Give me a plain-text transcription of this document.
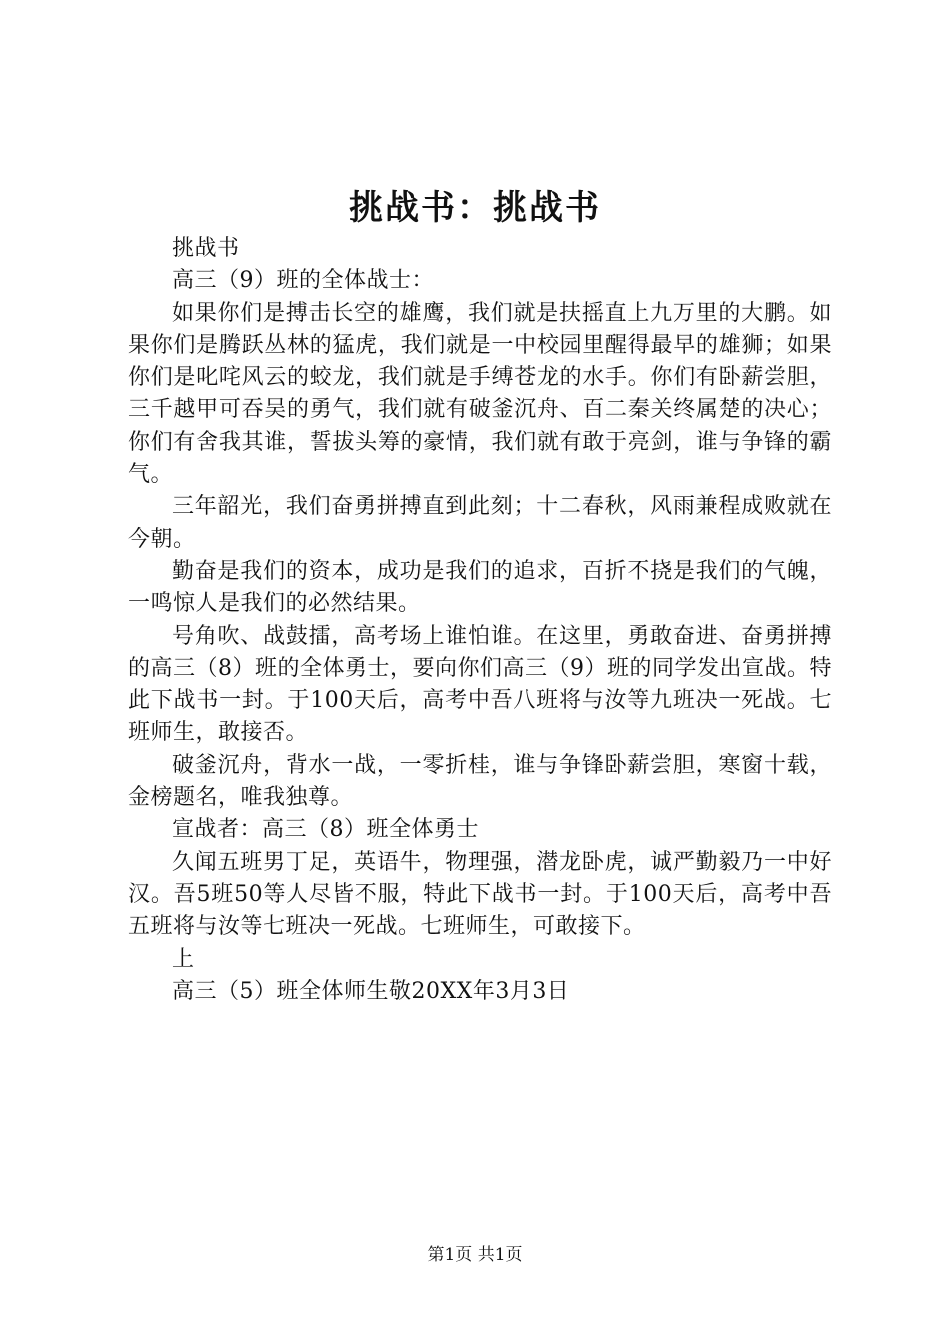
挑战书：挑战书

挑战书

高三（9）班的全体战士：

如果你们是搏击长空的雄鹰，我们就是扶摇直上九万里的大鹏。如果你们是腾跃丛林的猛虎，我们就是一中校园里醒得最早的雄狮；如果你们是叱咤风云的蛟龙，我们就是手缚苍龙的水手。你们有卧薪尝胆，三千越甲可吞吴的勇气，我们就有破釜沉舟、百二秦关终属楚的决心；你们有舍我其谁，誓拔头筹的豪情，我们就有敢于亮剑，谁与争锋的霸气。

三年韶光，我们奋勇拼搏直到此刻；十二春秋，风雨兼程成败就在今朝。

勤奋是我们的资本，成功是我们的追求，百折不挠是我们的气魄，一鸣惊人是我们的必然结果。

号角吹、战鼓擂，高考场上谁怕谁。在这里，勇敢奋进、奋勇拼搏的高三（8）班的全体勇士，要向你们高三（9）班的同学发出宣战。特此下战书一封。于100天后，高考中吾八班将与汝等九班决一死战。七班师生，敢接否。

破釜沉舟，背水一战，一零折桂，谁与争锋卧薪尝胆，寒窗十载，金榜题名，唯我独尊。

宣战者：高三（8）班全体勇士

久闻五班男丁足，英语牛，物理强，潜龙卧虎，诚严勤毅乃一中好汉。吾5班50等人尽皆不服，特此下战书一封。于100天后，高考中吾五班将与汝等七班决一死战。七班师生，可敢接下。

上

高三（5）班全体师生敬20XX年3月3日

第1页 共1页
